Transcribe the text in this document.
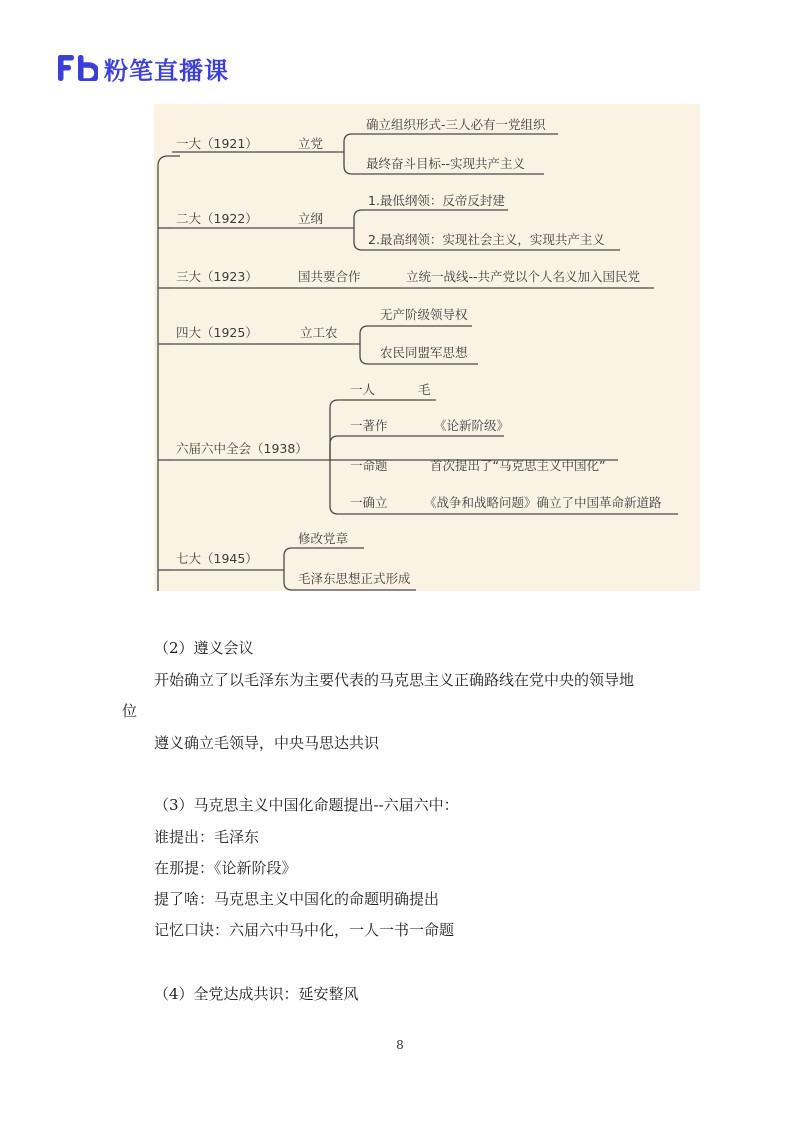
粉笔直播课
一大（1921）	立党
确立组织形式-三人必有一党组织
最终奋斗目标--实现共产主义
二大（1922）	立纲
1.最低纲领：反帝反封建
2.最高纲领：实现社会主义，实现共产主义
三大（1923）	国共要合作	立统一战线--共产党以个人名义加入国民党
四大（1925）	立工农
无产阶级领导权
农民同盟军思想
六届六中全会（1938）
一人	毛
一著作	《论新阶级》
一命题	首次提出了“马克思主义中国化”
一确立	《战争和战略问题》确立了中国革命新道路
七大（1945）
修改党章
毛泽东思想正式形成
（2）遵义会议
开始确立了以毛泽东为主要代表的马克思主义正确路线在党中央的领导地
位
遵义确立毛领导，中央马思达共识
（3）马克思主义中国化命题提出--六届六中：
谁提出：毛泽东
在那提：《论新阶段》
提了啥：马克思主义中国化的命题明确提出
记忆口诀：六届六中马中化，一人一书一命题
（4）全党达成共识：延安整风
8
